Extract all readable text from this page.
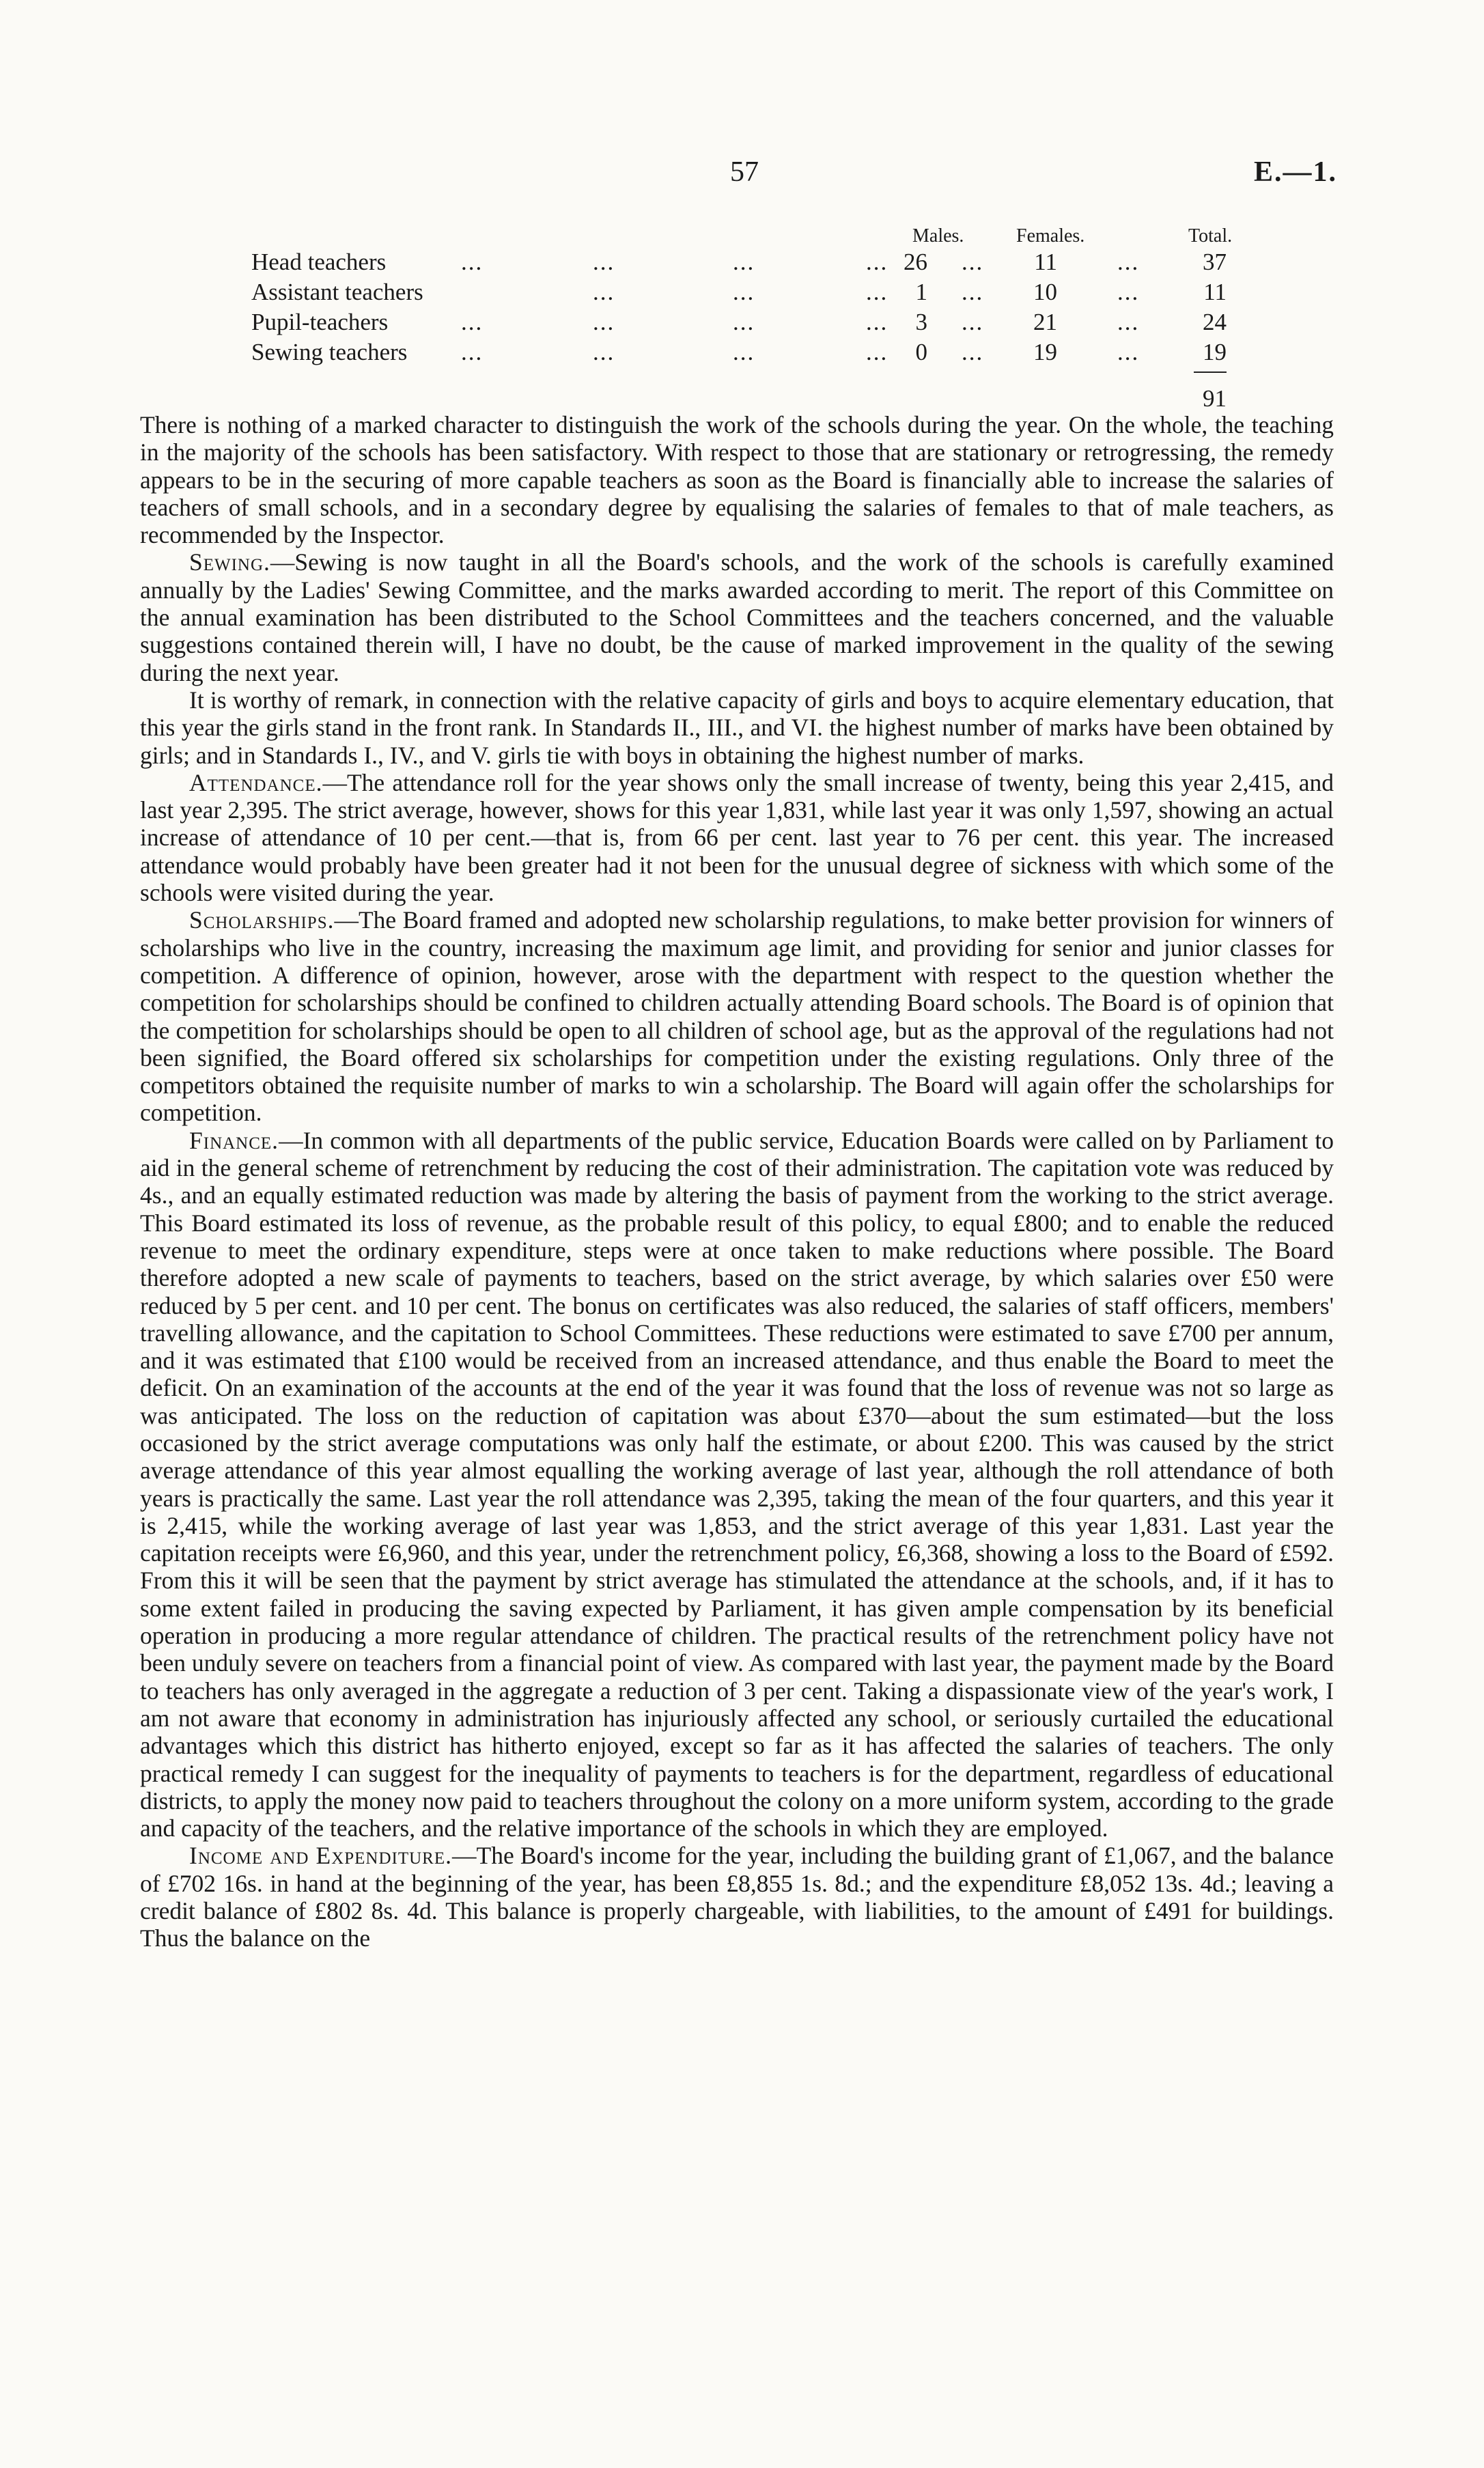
57	E.—1.
Males.	Females.	Total.
Head teachers	...	...	...	... 26 ...	11	...	37
Assistant teachers	...	...	...	1 ...	10	...	11
Pupil-teachers	...	...	...	...	3 ...	21	...	24
Sewing teachers ...	...	...	...	0 ...	19	...	19
91

There is nothing of a marked character to distinguish the work of the schools during the year. On the whole, the teaching in the majority of the schools has been satisfactory. With respect to those that are stationary or retrogressing, the remedy appears to be in the securing of more capable teachers as soon as the Board is financially able to increase the salaries of teachers of small schools, and in a secondary degree by equalising the salaries of females to that of male teachers, as recommended by the Inspector.

Sewing.—Sewing is now taught in all the Board's schools, and the work of the schools is carefully examined annually by the Ladies' Sewing Committee, and the marks awarded according to merit. The report of this Committee on the annual examination has been distributed to the School Committees and the teachers concerned, and the valuable suggestions contained therein will, I have no doubt, be the cause of marked improvement in the quality of the sewing during the next year.

It is worthy of remark, in connection with the relative capacity of girls and boys to acquire elementary education, that this year the girls stand in the front rank. In Standards II., III., and VI. the highest number of marks have been obtained by girls; and in Standards I., IV., and V. girls tie with boys in obtaining the highest number of marks.

Attendance.—The attendance roll for the year shows only the small increase of twenty, being this year 2,415, and last year 2,395. The strict average, however, shows for this year 1,831, while last year it was only 1,597, showing an actual increase of attendance of 10 per cent.—that is, from 66 per cent. last year to 76 per cent. this year. The increased attendance would probably have been greater had it not been for the unusual degree of sickness with which some of the schools were visited during the year.

Scholarships.—The Board framed and adopted new scholarship regulations, to make better provision for winners of scholarships who live in the country, increasing the maximum age limit, and providing for senior and junior classes for competition. A difference of opinion, however, arose with the department with respect to the question whether the competition for scholarships should be confined to children actually attending Board schools. The Board is of opinion that the competition for scholarships should be open to all children of school age, but as the approval of the regulations had not been signified, the Board offered six scholarships for competition under the existing regulations. Only three of the competitors obtained the requisite number of marks to win a scholarship. The Board will again offer the scholarships for competition.

Finance.—In common with all departments of the public service, Education Boards were called on by Parliament to aid in the general scheme of retrenchment by reducing the cost of their administration. The capitation vote was reduced by 4s., and an equally estimated reduction was made by altering the basis of payment from the working to the strict average. This Board estimated its loss of revenue, as the probable result of this policy, to equal £800; and to enable the reduced revenue to meet the ordinary expenditure, steps were at once taken to make reductions where possible. The Board therefore adopted a new scale of payments to teachers, based on the strict average, by which salaries over £50 were reduced by 5 per cent. and 10 per cent. The bonus on certificates was also reduced, the salaries of staff officers, members' travelling allowance, and the capitation to School Committees. These reductions were estimated to save £700 per annum, and it was estimated that £100 would be received from an increased attendance, and thus enable the Board to meet the deficit. On an examination of the accounts at the end of the year it was found that the loss of revenue was not so large as was anticipated. The loss on the reduction of capitation was about £370—about the sum estimated—but the loss occasioned by the strict average computations was only half the estimate, or about £200. This was caused by the strict average attendance of this year almost equalling the working average of last year, although the roll attendance of both years is practically the same. Last year the roll attendance was 2,395, taking the mean of the four quarters, and this year it is 2,415, while the working average of last year was 1,853, and the strict average of this year 1,831. Last year the capitation receipts were £6,960, and this year, under the retrenchment policy, £6,368, showing a loss to the Board of £592. From this it will be seen that the payment by strict average has stimulated the attendance at the schools, and, if it has to some extent failed in producing the saving expected by Parliament, it has given ample compensation by its beneficial operation in producing a more regular attendance of children. The practical results of the retrenchment policy have not been unduly severe on teachers from a financial point of view. As compared with last year, the payment made by the Board to teachers has only averaged in the aggregate a reduction of 3 per cent. Taking a dispassionate view of the year's work, I am not aware that economy in administration has injuriously affected any school, or seriously curtailed the educational advantages which this district has hitherto enjoyed, except so far as it has affected the salaries of teachers. The only practical remedy I can suggest for the inequality of payments to teachers is for the department, regardless of educational districts, to apply the money now paid to teachers throughout the colony on a more uniform system, according to the grade and capacity of the teachers, and the relative importance of the schools in which they are employed.

Income and Expenditure.—The Board's income for the year, including the building grant of £1,067, and the balance of £702 16s. in hand at the beginning of the year, has been £8,855 1s. 8d.; and the expenditure £8,052 13s. 4d.; leaving a credit balance of £802 8s. 4d. This balance is properly chargeable, with liabilities, to the amount of £491 for buildings. Thus the balance on the
